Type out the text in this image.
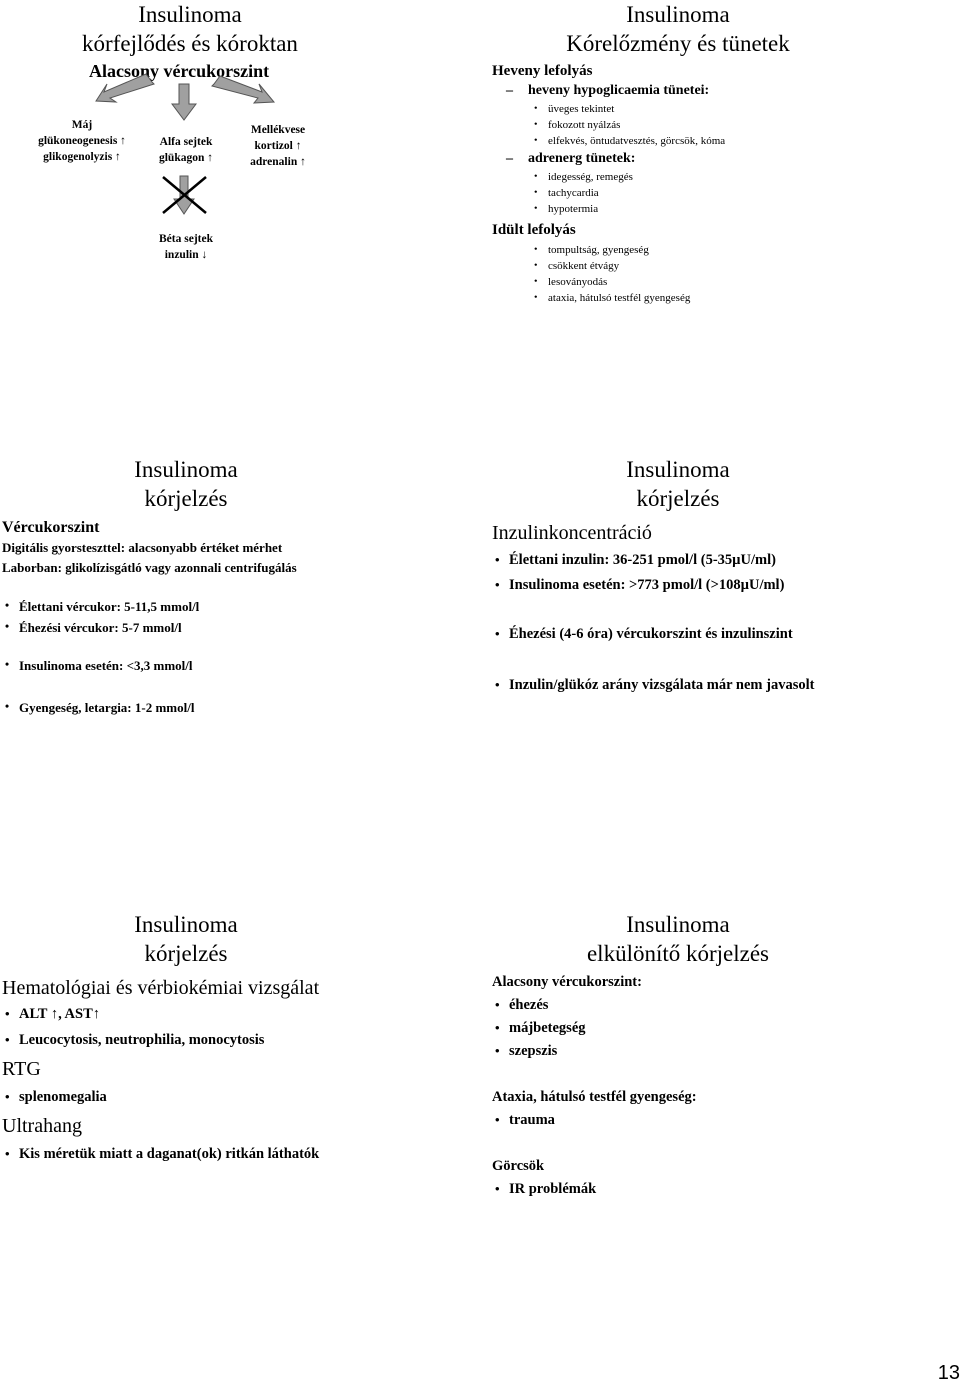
Insulinoma
kórfejlődés és kóroktan
Alacsony vércukorszint
Máj
glükoneogenesis ↑
glikogenolyzis ↑
Alfa sejtek
glükagon ↑
Mellékvese
kortizol ↑
adrenalin ↑
Béta sejtek
inzulin ↓
Insulinoma
Kórelőzmény és tünetek
Heveny lefolyás
– heveny hypoglicaemia tünetei:
• üveges tekintet
• fokozott nyálzás
• elfekvés, öntudatvesztés, görcsök, kóma
– adrenerg tünetek:
• idegesség, remegés
• tachycardia
• hypotermia
Idült lefolyás
• tompultság, gyengeség
• csökkent étvágy
• lesoványodás
• ataxia, hátulsó testfél gyengeség
Insulinoma
kórjelzés
Vércukorszint
Digitális gyorsteszttel: alacsonyabb értéket mérhet
Laborban: glikolízisgátló vagy azonnali centrifugálás
• Élettani vércukor: 5-11,5 mmol/l
• Éhezési vércukor: 5-7 mmol/l
• Insulinoma esetén: <3,3 mmol/l
• Gyengeség, letargia: 1-2 mmol/l
Insulinoma
kórjelzés
Inzulinkoncentráció
• Élettani inzulin: 36-251 pmol/l (5-35µU/ml)
• Insulinoma esetén: >773 pmol/l (>108µU/ml)
• Éhezési (4-6 óra) vércukorszint és inzulinszint
• Inzulin/glükóz arány vizsgálata már nem javasolt
Insulinoma
kórjelzés
Hematológiai és vérbiokémiai vizsgálat
• ALT ↑, AST↑
• Leucocytosis, neutrophilia, monocytosis
RTG
• splenomegalia
Ultrahang
• Kis méretük miatt a daganat(ok) ritkán láthatók
Insulinoma
elkülönítő kórjelzés
Alacsony vércukorszint:
• éhezés
• májbetegség
• szepszis
Ataxia, hátulsó testfél gyengeség:
• trauma
Görcsök
• IR problémák
13
